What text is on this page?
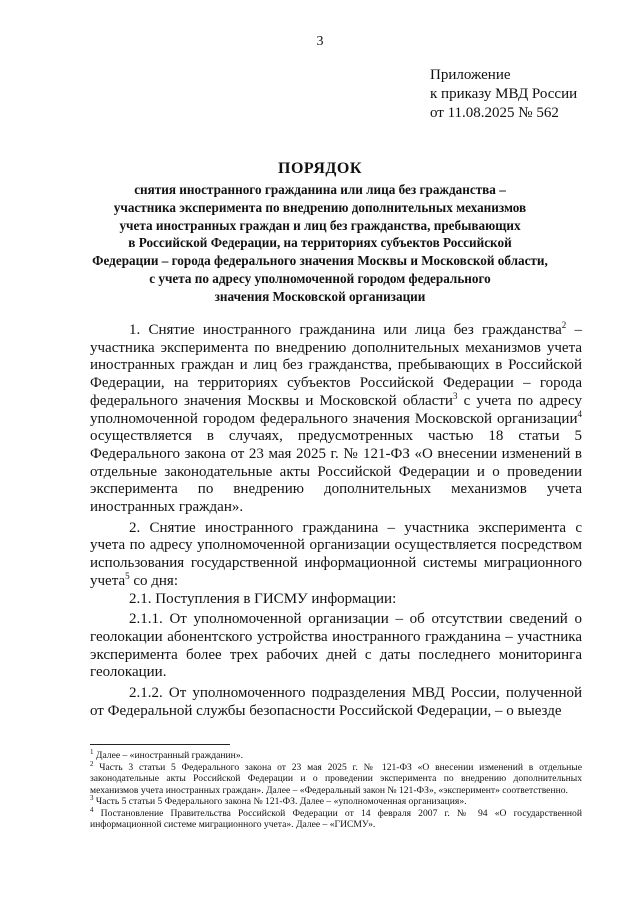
3
Приложение
к приказу МВД России
от 11.08.2025 № 562
ПОРЯДОК
снятия иностранного гражданина или лица без гражданства –
участника эксперимента по внедрению дополнительных механизмов
учета иностранных граждан и лиц без гражданства, пребывающих
в Российской Федерации, на территориях субъектов Российской
Федерации – города федерального значения Москвы и Московской области,
с учета по адресу уполномоченной городом федерального
значения Московской организации

1. Снятие иностранного гражданина или лица без гражданства$^2$ – участника эксперимента по внедрению дополнительных механизмов учета иностранных граждан и лиц без гражданства, пребывающих в Российской Федерации, на территориях субъектов Российской Федерации – города федерального значения Москвы и Московской области$^3$ с учета по адресу уполномоченной городом федерального значения Московской организации$^4$ осуществляется в случаях, предусмотренных частью 18 статьи 5 Федерального закона от 23 мая 2025 г. № 121-ФЗ «О внесении изменений в отдельные законодательные акты Российской Федерации и о проведении эксперимента по внедрению дополнительных механизмов учета иностранных граждан».

2. Снятие иностранного гражданина – участника эксперимента с учета по адресу уполномоченной организации осуществляется посредством использования государственной информационной системы миграционного учета$^5$ со дня:

2.1. Поступления в ГИСМУ информации:

2.1.1. От уполномоченной организации – об отсутствии сведений о геолокации абонентского устройства иностранного гражданина – участника эксперимента более трех рабочих дней с даты последнего мониторинга геолокации.

2.1.2. От уполномоченного подразделения МВД России, полученной от Федеральной службы безопасности Российской Федерации, – о выезде

$^1$ Далее – «иностранный гражданин».

$^2$ Часть 3 статьи 5 Федерального закона от 23 мая 2025 г. № 121-ФЗ «О внесении изменений в отдельные законодательные акты Российской Федерации и о проведении эксперимента по внедрению дополнительных механизмов учета иностранных граждан». Далее – «Федеральный закон № 121-ФЗ», «эксперимент» соответственно.

$^3$ Часть 5 статьи 5 Федерального закона № 121-ФЗ. Далее – «уполномоченная организация».

$^4$ Постановление Правительства Российской Федерации от 14 февраля 2007 г. № 94 «О государственной информационной системе миграционного учета». Далее – «ГИСМУ».
